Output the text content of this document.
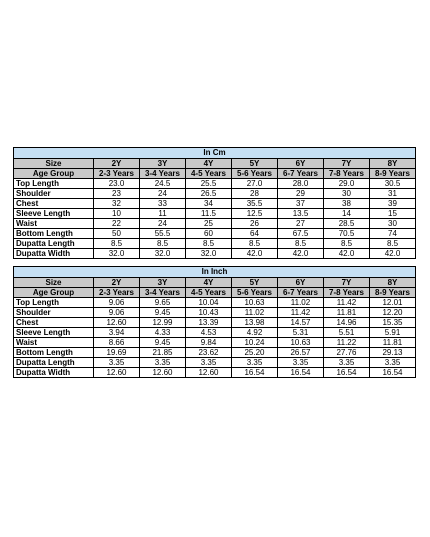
In Cm							
Size	2Y	3Y	4Y	5Y	6Y	7Y	8Y
Age Group	2-3 Years	3-4 Years	4-5 Years	5-6 Years	6-7 Years	7-8 Years	8-9 Years
Top Length	23.0	24.5	25.5	27.0	28.0	29.0	30.5
Shoulder	23	24	26.5	28	29	30	31
Chest	32	33	34	35.5	37	38	39
Sleeve Length	10	11	11.5	12.5	13.5	14	15
Waist	22	24	25	26	27	28.5	30
Bottom Length	50	55.5	60	64	67.5	70.5	74
Dupatta Length	8.5	8.5	8.5	8.5	8.5	8.5	8.5
Dupatta Width	32.0	32.0	32.0	42.0	42.0	42.0	42.0
In Inch							
Size	2Y	3Y	4Y	5Y	6Y	7Y	8Y
Age Group	2-3 Years	3-4 Years	4-5 Years	5-6 Years	6-7 Years	7-8 Years	8-9 Years
Top Length	9.06	9.65	10.04	10.63	11.02	11.42	12.01
Shoulder	9.06	9.45	10.43	11.02	11.42	11.81	12.20
Chest	12.60	12.99	13.39	13.98	14.57	14.96	15.35
Sleeve Length	3.94	4.33	4.53	4.92	5.31	5.51	5.91
Waist	8.66	9.45	9.84	10.24	10.63	11.22	11.81
Bottom Length	19.69	21.85	23.62	25.20	26.57	27.76	29.13
Dupatta Length	3.35	3.35	3.35	3.35	3.35	3.35	3.35
Dupatta Width	12.60	12.60	12.60	16.54	16.54	16.54	16.54
